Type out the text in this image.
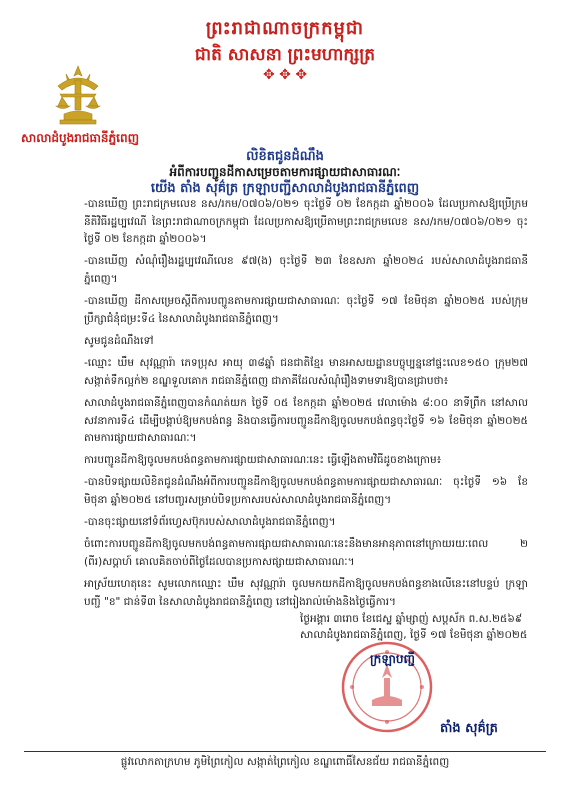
ព្រះរាជាណាចក្រកម្ពុជា
ជាតិ សាសនា ព្រះមហាក្សត្រ
✥ ✥ ✥
សាលាដំបូងរាជធានីភ្នំពេញ
លិខិតជូនដំណឹង
អំពីការបញ្ជូនដីកាសម្រេចតាមការផ្សាយជាសាធារណៈ
យើង តាំង សុគ៌ត្រ ក្រឡាបញ្ជីសាលាដំបូងរាជធានីភ្នំពេញ

-បានឃើញ ព្រះរាជក្រមលេខ នស/រកម/០៧០៦/០២១ ចុះថ្ងៃទី ០២ ខែកក្កដា ឆ្នាំ២០០៦ ដែលប្រកាសឱ្យប្រើក្រមនីតិវិធីរដ្ឋប្បវេណី នៃព្រះរាជាណាចក្រកម្ពុជា ដែលប្រកាសឱ្យប្រើតាមព្រះរាជក្រមលេខ នស/រកម/០៧០៦/០២១ ចុះថ្ងៃទី ០២ ខែកក្កដា ឆ្នាំ២០០៦។

-បានឃើញ សំណុំរឿងរដ្ឋប្បវេណីលេខ ៩៧(ង) ចុះថ្ងៃទី ២៣ ខែឧសភា ឆ្នាំ២០២៤ របស់សាលាដំបូងរាជធានីភ្នំពេញ។

-បានឃើញ ដីកាសម្រេចស្ដីពីការបញ្ជូនតាមការផ្សាយជាសាធារណៈ ចុះថ្ងៃទី ១៧ ខែមិថុនា ឆ្នាំ២០២៥ របស់ក្រុមប្រឹក្សាជំនុំជម្រះទី៤ នៃសាលាដំបូងរាជធានីភ្នំពេញ។

សូមជូនដំណឹងទៅ

-ឈ្មោះ ឃឹម សុវណ្ណារ៉ា ភេទប្រុស អាយុ ៣៨ឆ្នាំ ជនជាតិខ្មែរ មានអាសយដ្ឋានបច្ចុប្បន្ននៅផ្ទះលេខ១៥០ ក្រុម២៧ សង្កាត់ទឹកល្អក់២ ខណ្ឌទួលគោក រាជធានីភ្នំពេញ ជាភាគីដែលសំណុំរឿងទាមទារឱ្យបានជ្រាបថា៖

សាលាដំបូងរាជធានីភ្នំពេញបានកំណត់យក ថ្ងៃទី ០៥ ខែកក្កដា ឆ្នាំ២០២៥ វេលាម៉ោង ៨:០០ នាទីព្រឹក នៅសាលសវនាការទី៤ ដើម្បីបង្គាប់ឱ្យមកបង់ពន្ធ និងបានធ្វើការបញ្ជូនដីកាឱ្យចូលមកបង់ពន្ធចុះថ្ងៃទី ១៦ ខែមិថុនា ឆ្នាំ២០២៥ តាមការផ្សាយជាសាធារណៈ។

ការបញ្ជូនដីកាឱ្យចូលមកបង់ពន្ធតាមការផ្សាយជាសាធារណៈនេះ ធ្វើឡើងតាមវិធីដូចខាងក្រោម៖

-បានបិទផ្សាយលិខិតជូនដំណឹងអំពីការបញ្ជូនដីកាឱ្យចូលមកបង់ពន្ធតាមការផ្សាយជាសាធារណៈ ចុះថ្ងៃទី ១៦ ខែមិថុនា ឆ្នាំ២០២៥ នៅបញ្ចរសម្រាប់បិទប្រកាសរបស់សាលាដំបូងរាជធានីភ្នំពេញ។

-បានចុះផ្សាយនៅទំព័រហ្វេសប៊ុករបស់សាលាដំបូងរាជធានីភ្នំពេញ។

ចំពោះការបញ្ជូនដីកាឱ្យចូលមកបង់ពន្ធតាមការផ្សាយជាសាធារណៈនេះនឹងមានអានុភាពនៅក្រោយរយៈពេល ២ (ពីរ)សប្ដាហ៍ គោលគិតចាប់ពីថ្ងៃដែលបានប្រកាសផ្សាយជាសាធារណៈ។

អាស្រ័យហេតុនេះ សូមលោកឈ្មោះ ឃឹម សុវណ្ណារ៉ា ចូលមកយកដីកាឱ្យចូលមកបង់ពន្ធខាងលើនេះនៅបន្ទប់ ក្រឡា បញ្ជី "ខ" ជាន់ទី៣ នៃសាលាដំបូងរាជធានីភ្នំពេញ នៅរៀងរាល់ម៉ោងនិងថ្ងៃធ្វើការ។

ថ្ងៃអង្គារ ៣រោច ខែជេស្ឋ ឆ្នាំម្សាញ់ សប្តស័ក ព.ស.២៥៦៩
សាលាដំបូងរាជធានីភ្នំពេញ, ថ្ងៃទី ១៧ ខែមិថុនា ឆ្នាំ២០២៥
ក្រឡាបញ្ជី
តាំង សុគ៌ត្រ
ផ្លូវលោកតាក្រហម ភូមិព្រៃកៀល សង្កាត់ព្រៃកៀល ខណ្ឌពោធិ៍សែនជ័យ រាជធានីភ្នំពេញ
